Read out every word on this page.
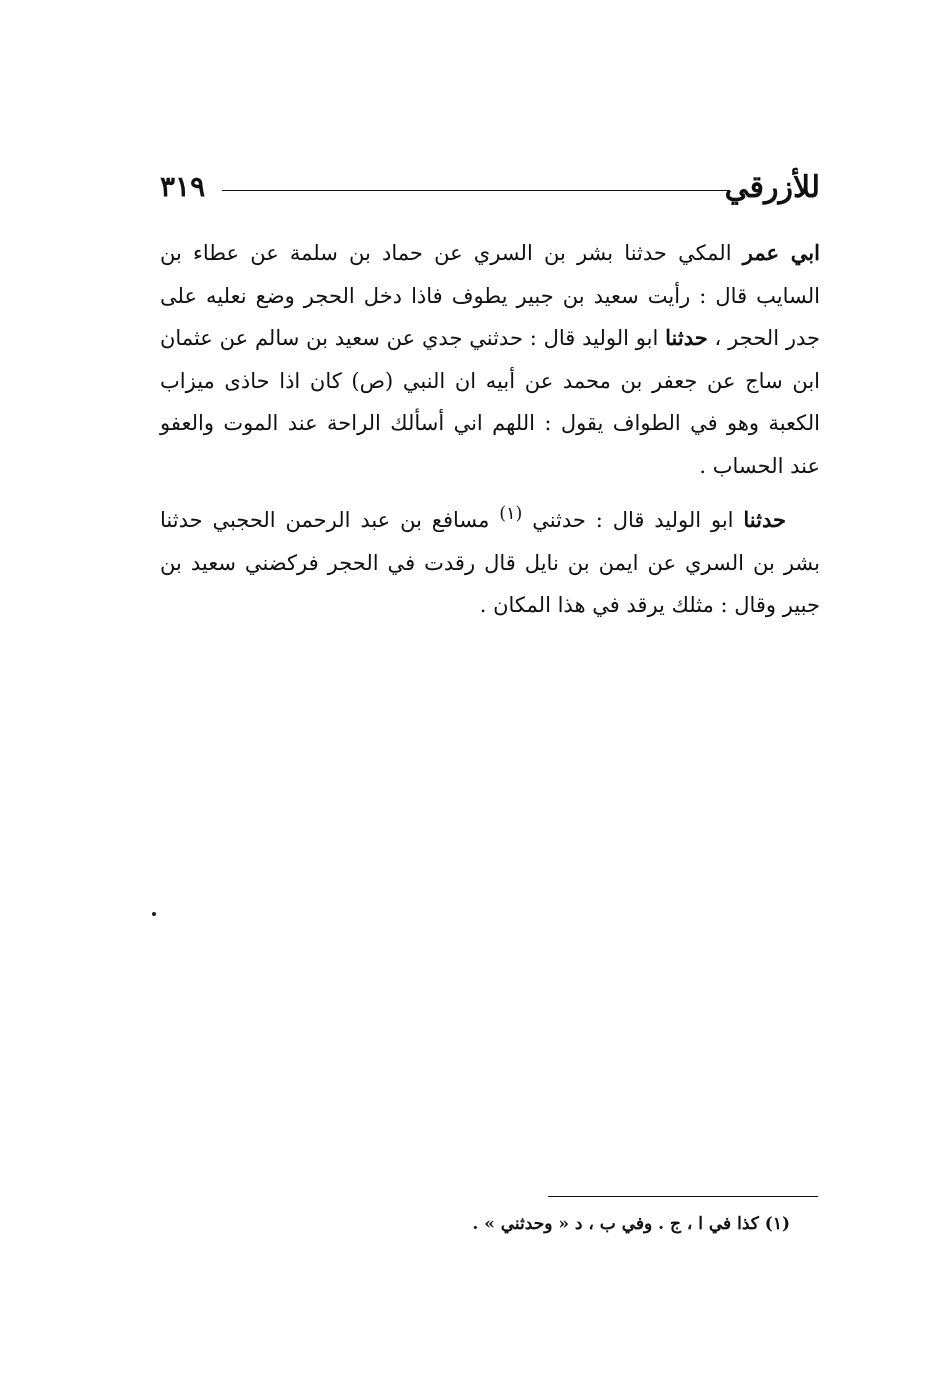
للأزرقي
٣١٩

ابي عمر المكي حدثنا بشر بن السري عن حماد بن سلمة عن عطاء بن السايب قال : رأيت سعيد بن جبير يطوف فاذا دخل الحجر وضع نعليه على جدر الحجر ، حدثنا ابو الوليد قال : حدثني جدي عن سعيد بن سالم عن عثمان ابن ساج عن جعفر بن محمد عن أبيه ان النبي (ص) كان اذا حاذى ميزاب الكعبة وهو في الطواف يقول : اللهم اني أسألك الراحة عند الموت والعفو عند الحساب .

حدثنا ابو الوليد قال : حدثني $^{(١)}$ مسافع بن عبد الرحمن الحجبي حدثنا بشر بن السري عن ايمن بن نايل قال رقدت في الحجر فركضني سعيد بن جبير وقال : مثلك يرقد في هذا المكان .

(١) كذا في ا ، ج . وفي ب ، د « وحدثني » .
